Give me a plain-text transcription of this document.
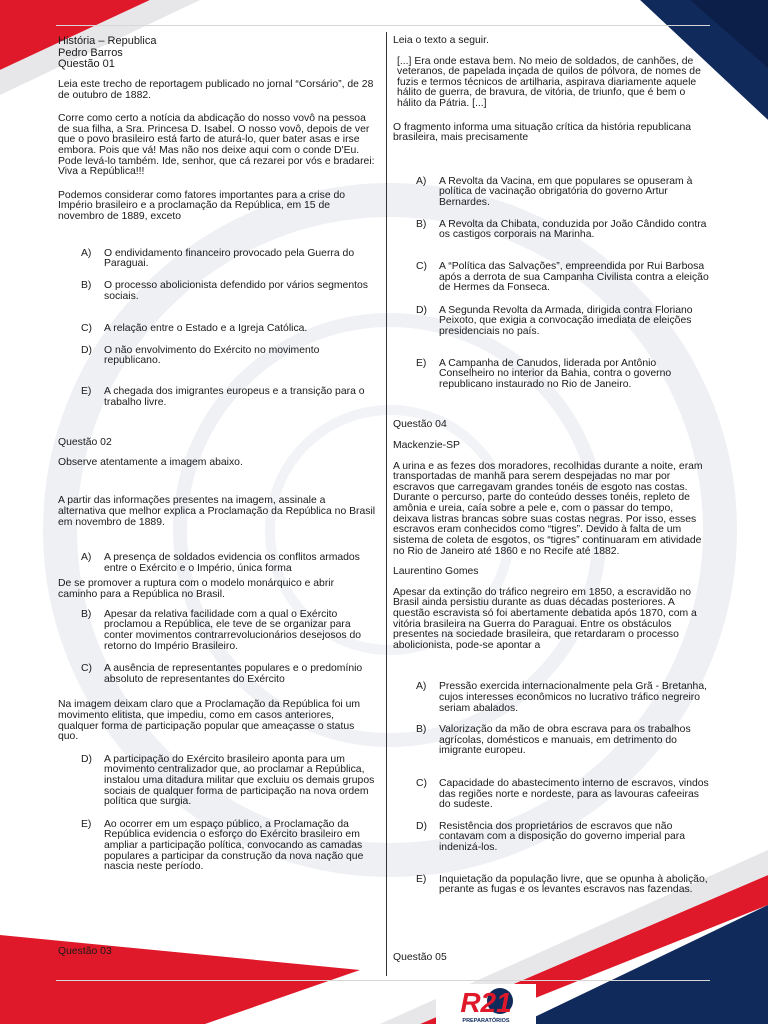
História – Republica
Pedro Barros
Questão 01

Leia este trecho de reportagem publicado no jornal “Corsário”, de 28 de outubro de 1882.

Corre como certo a notícia da abdicação do nosso vovô na pessoa de sua filha, a Sra. Princesa D. Isabel. O nosso vovô, depois de ver que o povo brasileiro está farto de aturá-lo, quer bater asas e irse embora. Pois que vá! Mas não nos deixe aqui com o conde D'Eu. Pode levá-lo também. Ide, senhor, que cá rezarei por vós e bradarei: Viva a República!!!

Podemos considerar como fatores importantes para a crise do Império brasileiro e a proclamação da República, em 15 de novembro de 1889, exceto

A) O endividamento financeiro provocado pela Guerra do Paraguai.
B) O processo abolicionista defendido por vários segmentos sociais.
C) A relação entre o Estado e a Igreja Católica.
D) O não envolvimento do Exército no movimento republicano.
E) A chegada dos imigrantes europeus e a transição para o trabalho livre.

Questão 02

Observe atentamente a imagem abaixo.

A partir das informações presentes na imagem, assinale a alternativa que melhor explica a Proclamação da República no Brasil em novembro de 1889.

A) A presença de soldados evidencia os conflitos armados entre o Exército e o Império, única forma

De se promover a ruptura com o modelo monárquico e abrir caminho para a República no Brasil.

B) Apesar da relativa facilidade com a qual o Exército proclamou a República, ele teve de se organizar para conter movimentos contrarrevolucionários desejosos do retorno do Império Brasileiro.
C) A ausência de representantes populares e o predomínio absoluto de representantes do Exército

Na imagem deixam claro que a Proclamação da República foi um movimento elitista, que impediu, como em casos anteriores, qualquer forma de participação popular que ameaçasse o status quo.

D) A participação do Exército brasileiro aponta para um movimento centralizador que, ao proclamar a República, instalou uma ditadura militar que excluiu os demais grupos sociais de qualquer forma de participação na nova ordem política que surgia.
E) Ao ocorrer em um espaço público, a Proclamação da República evidencia o esforço do Exército brasileiro em ampliar a participação política, convocando as camadas populares a participar da construção da nova nação que nascia neste período.
Questão 03

Leia o texto a seguir.

[...] Era onde estava bem. No meio de soldados, de canhões, de veteranos, de papelada inçada de quilos de pólvora, de nomes de fuzis e termos técnicos de artilharia, aspirava diariamente aquele hálito de guerra, de bravura, de vitória, de triunfo, que é bem o hálito da Pátria. [...]

O fragmento informa uma situação crítica da história republicana brasileira, mais precisamente

A) A Revolta da Vacina, em que populares se opuseram à política de vacinação obrigatória do governo Artur Bernardes.
B) A Revolta da Chibata, conduzida por João Cândido contra os castigos corporais na Marinha.
C) A “Política das Salvações”, empreendida por Rui Barbosa após a derrota de sua Campanha Civilista contra a eleição de Hermes da Fonseca.
D) A Segunda Revolta da Armada, dirigida contra Floriano Peixoto, que exigia a convocação imediata de eleições presidenciais no país.
E) A Campanha de Canudos, liderada por Antônio Conselheiro no interior da Bahia, contra o governo republicano instaurado no Rio de Janeiro.

Questão 04

Mackenzie-SP

A urina e as fezes dos moradores, recolhidas durante a noite, eram transportadas de manhã para serem despejadas no mar por escravos que carregavam grandes tonéis de esgoto nas costas. Durante o percurso, parte do conteúdo desses tonéis, repleto de amônia e ureia, caía sobre a pele e, com o passar do tempo, deixava listras brancas sobre suas costas negras. Por isso, esses escravos eram conhecidos como “tigres”. Devido à falta de um sistema de coleta de esgotos, os “tigres” continuaram em atividade no Rio de Janeiro até 1860 e no Recife até 1882.

Laurentino Gomes

Apesar da extinção do tráfico negreiro em 1850, a escravidão no Brasil ainda persistiu durante as duas décadas posteriores. A questão escravista só foi abertamente debatida após 1870, com a vitória brasileira na Guerra do Paraguai. Entre os obstáculos presentes na sociedade brasileira, que retardaram o processo abolicionista, pode-se apontar a

A) Pressão exercida internacionalmente pela Grã - Bretanha, cujos interesses econômicos no lucrativo tráfico negreiro seriam abalados.
B) Valorização da mão de obra escrava para os trabalhos agrícolas, domésticos e manuais, em detrimento do imigrante europeu.
C) Capacidade do abastecimento interno de escravos, vindos das regiões norte e nordeste, para as lavouras cafeeiras do sudeste.
D) Resistência dos proprietários de escravos que não contavam com a disposição do governo imperial para indenizá-los.
E) Inquietação da população livre, que se opunha à abolição, perante as fugas e os levantes escravos nas fazendas.
Questão 05
R21
PREPARATÓRIOS
